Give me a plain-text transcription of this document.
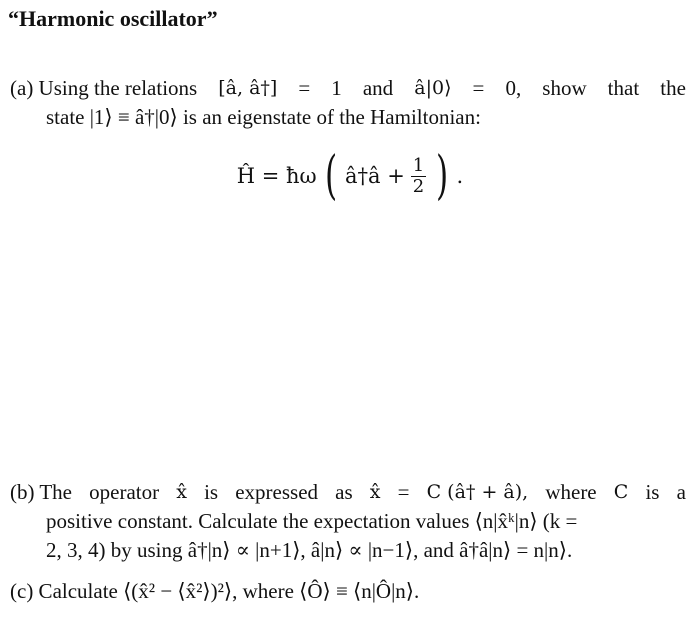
“Harmonic oscillator”
(a) Using the relations [â, â†] = 1 and â|0⟩ = 0, show that the
state |1⟩ ≡ â†|0⟩ is an eigenstate of the Hamiltonian:
Ĥ = ħω ( â†â + $\frac{1}{2}$ ) .
(b) The operator x̂ is expressed as x̂ = C (â† + â), where C is a
positive constant. Calculate the expectation values ⟨n|x̂ᵏ|n⟩ (k =
2, 3, 4) by using â†|n⟩ ∝ |n+1⟩, â|n⟩ ∝ |n−1⟩, and â†â|n⟩ = n|n⟩.
(c) Calculate ⟨(x̂² − ⟨x̂²⟩)²⟩, where ⟨Ô⟩ ≡ ⟨n|Ô|n⟩.
